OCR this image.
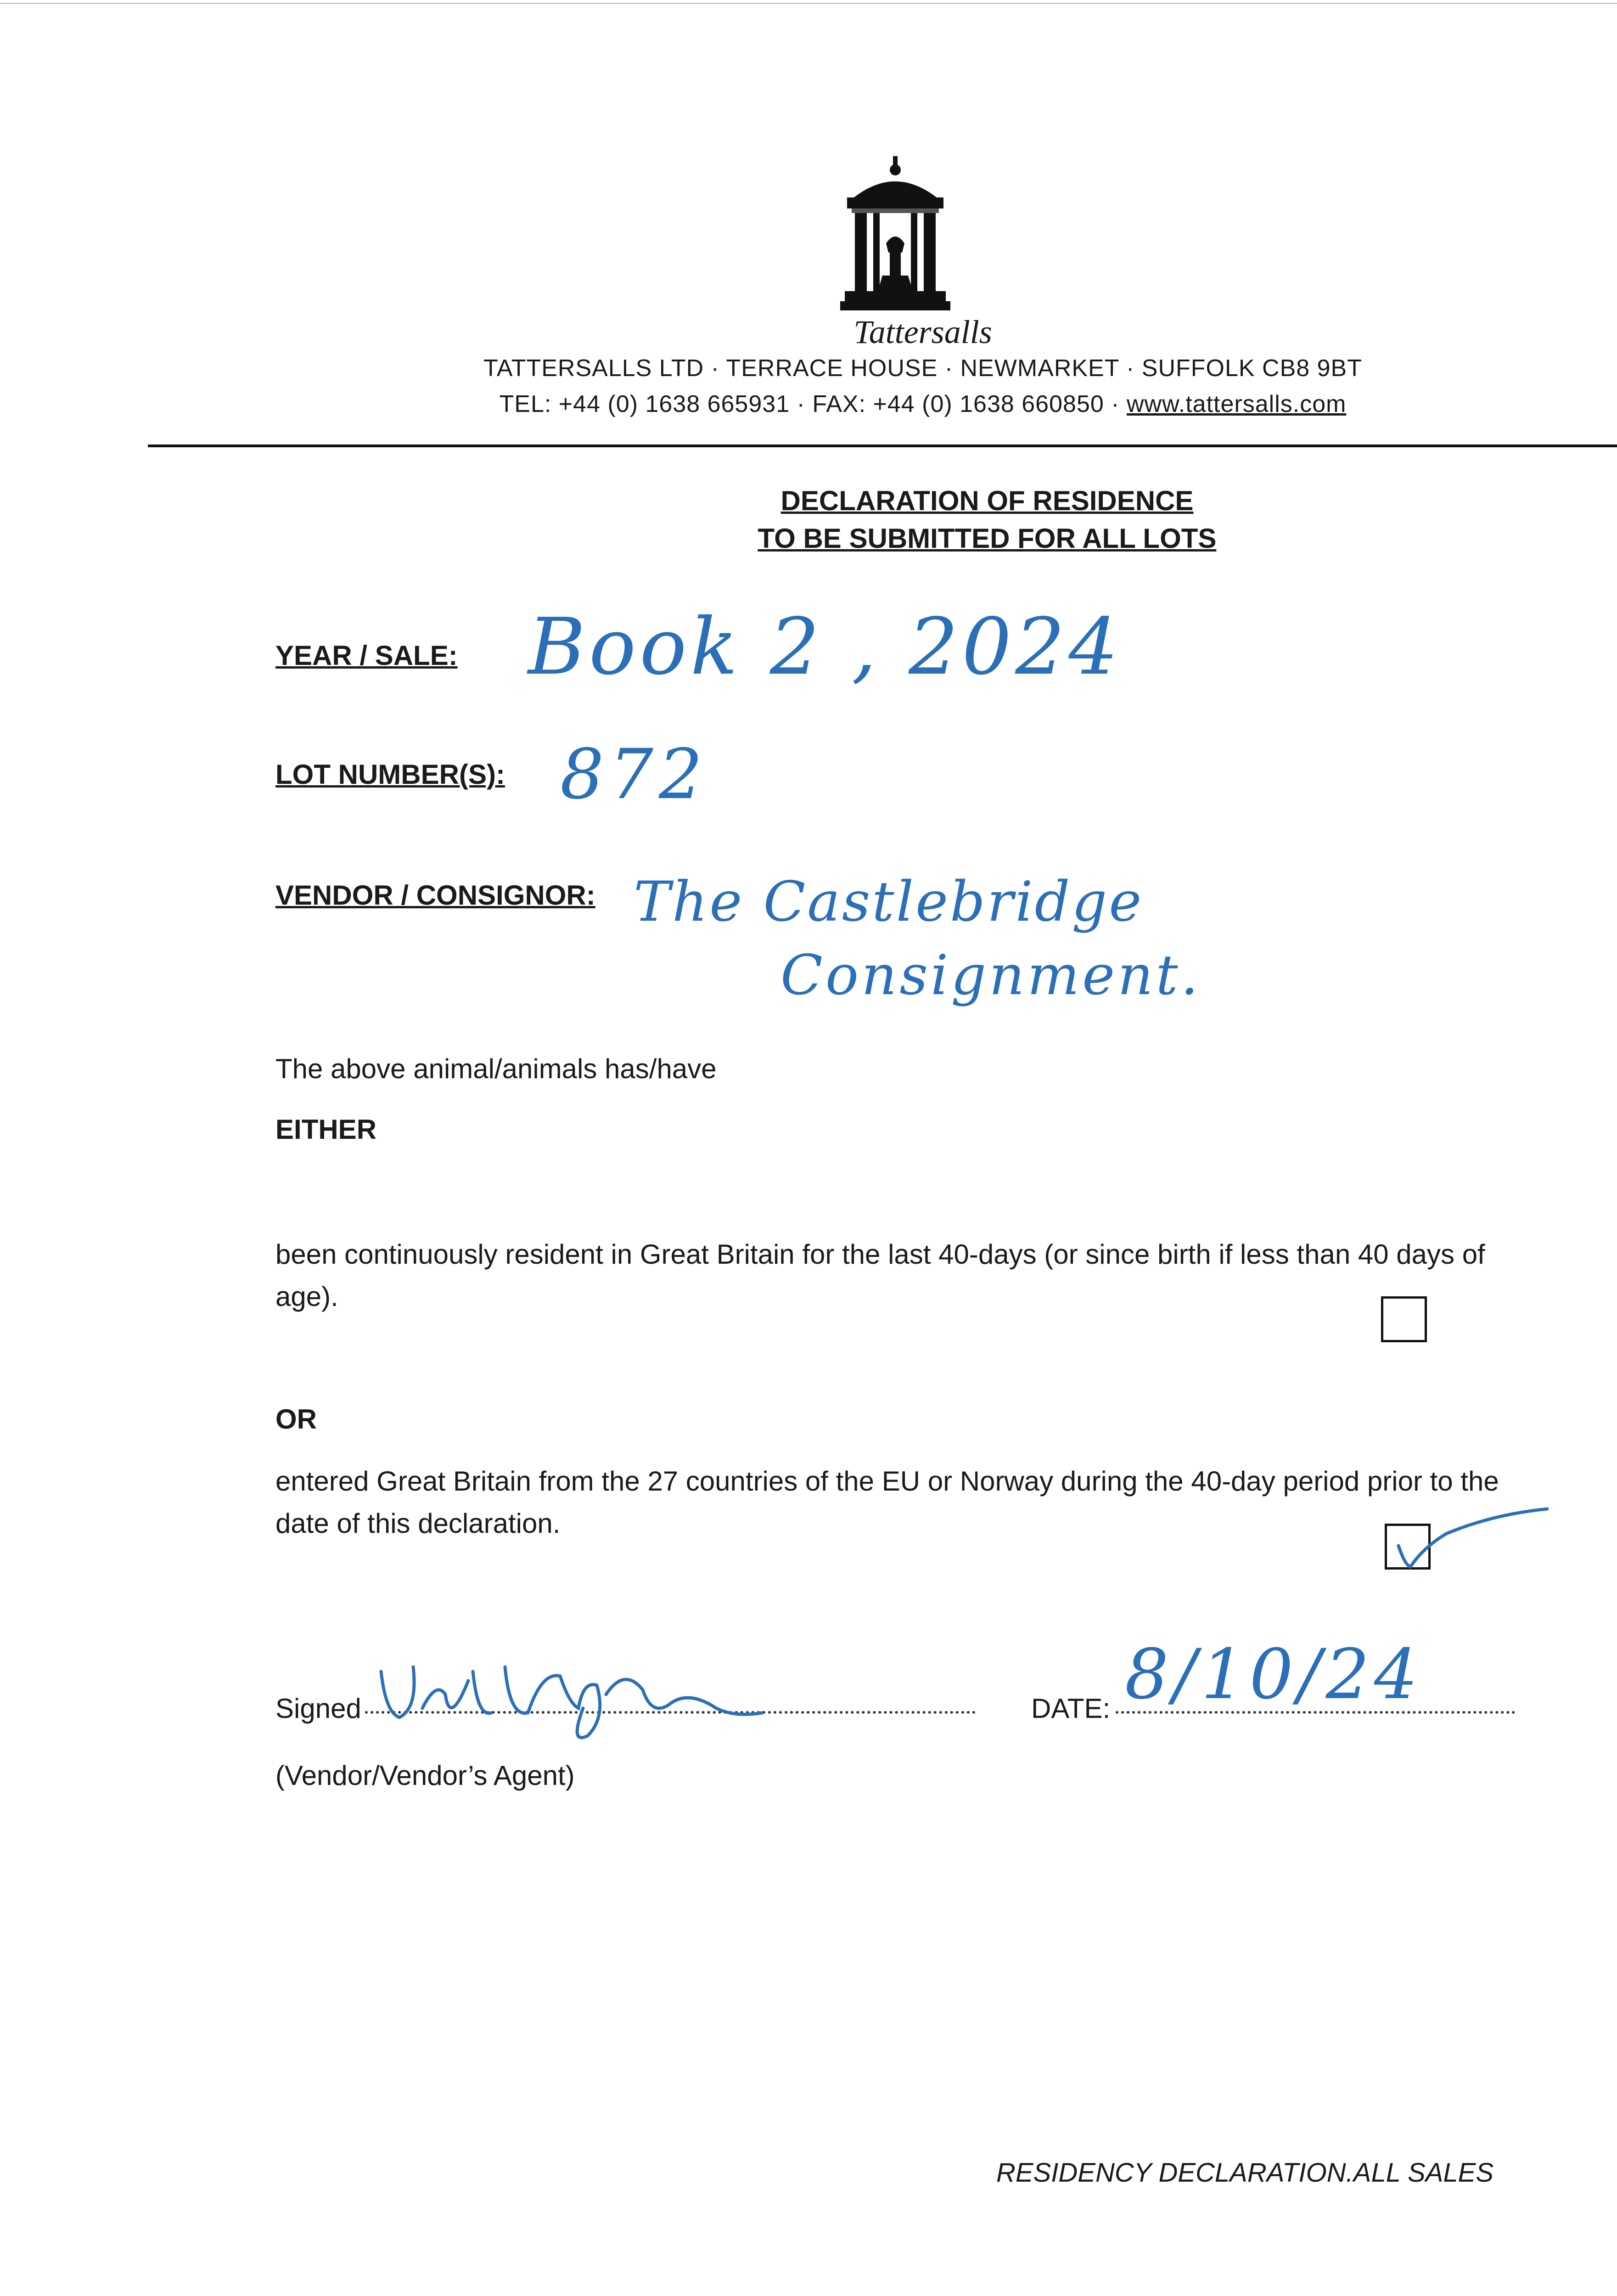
Tattersalls
TATTERSALLS LTD · TERRACE HOUSE · NEWMARKET · SUFFOLK CB8 9BT
TEL: +44 (0) 1638 665931 · FAX: +44 (0) 1638 660850 · www.tattersalls.com
DECLARATION OF RESIDENCE
TO BE SUBMITTED FOR ALL LOTS
YEAR / SALE: Book 2 , 2024
LOT NUMBER(S): 872
VENDOR / CONSIGNOR: The Castlebridge
Consignment.
The above animal/animals has/have
EITHER
been continuously resident in Great Britain for the last 40-days (or since birth if less than 40 days of age).
OR
entered Great Britain from the 27 countries of the EU or Norway during the 40-day period prior to the date of this declaration.
Signed	DATE: 8/10/24
(Vendor/Vendor’s Agent)
RESIDENCY DECLARATION.ALL SALES
